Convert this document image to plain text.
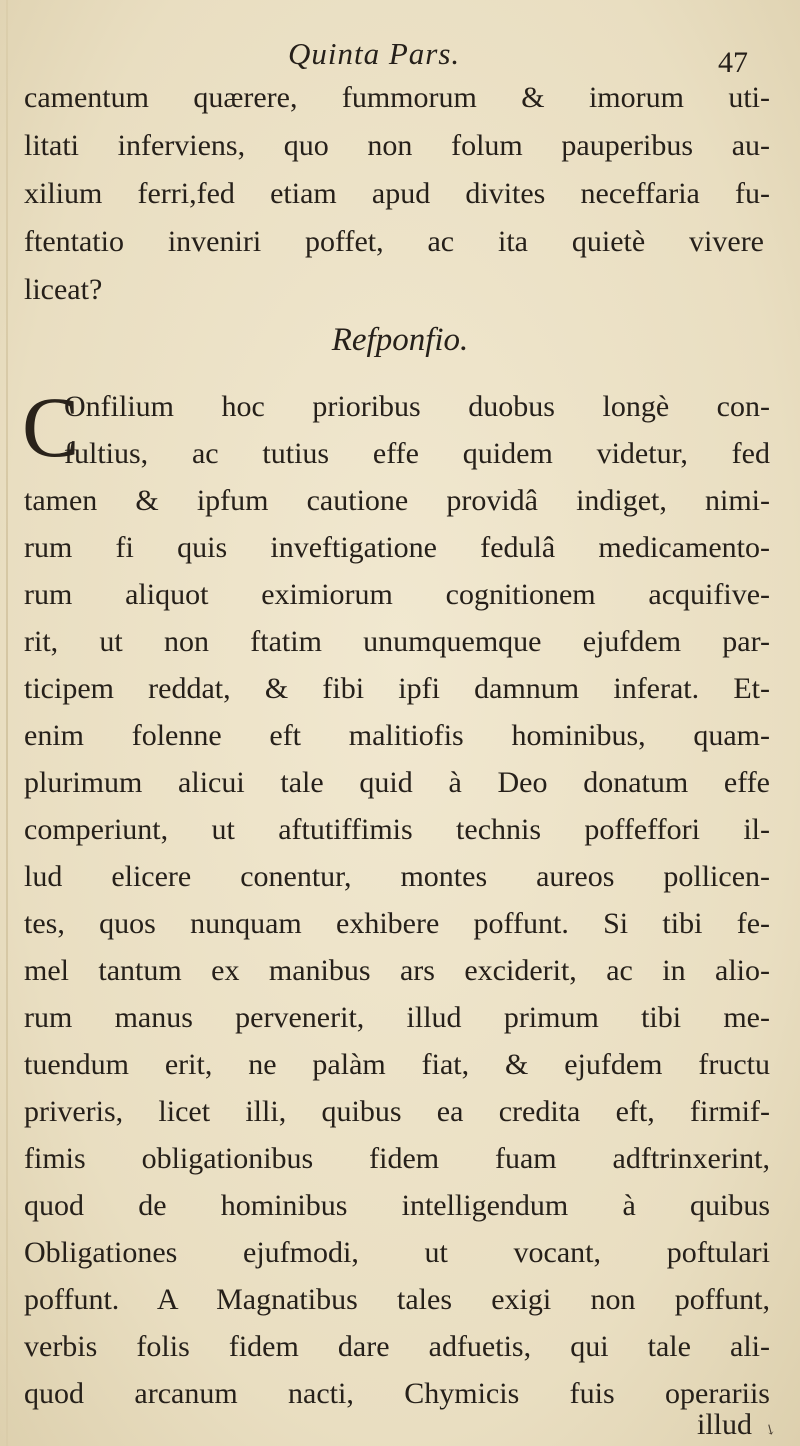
Quinta Pars.	47
camentum quærere, fummorum & imorum uti-
litati inferviens, quo non folum pauperibus au-
xilium ferri,fed etiam apud divites neceffaria fu-
ftentatio inveniri poffet, ac ita quietè vivere
liceat?
Refponfio.
C
Onfilium hoc prioribus duobus longè con-
fultius, ac tutius effe quidem videtur, fed
tamen & ipfum cautione providâ indiget, nimi-
rum fi quis inveftigatione fedulâ medicamento-
rum aliquot eximiorum cognitionem acquifive-
rit, ut non ftatim unumquemque ejufdem par-
ticipem reddat, & fibi ipfi damnum inferat. Et-
enim folenne eft malitiofis hominibus, quam-
plurimum alicui tale quid à Deo donatum effe
comperiunt, ut aftutiffimis technis poffeffori il-
lud elicere conentur, montes aureos pollicen-
tes, quos nunquam exhibere poffunt. Si tibi fe-
mel tantum ex manibus ars exciderit, ac in alio-
rum manus pervenerit, illud primum tibi me-
tuendum erit, ne palàm fiat, & ejufdem fructu
priveris, licet illi, quibus ea credita eft, firmif-
fimis obligationibus fidem fuam adftrinxerint,
quod de hominibus intelligendum à quibus
Obligationes ejufmodi, ut vocant, poftulari
poffunt. A Magnatibus tales exigi non poffunt,
verbis folis fidem dare adfuetis, qui tale ali-
quod arcanum nacti, Chymicis fuis operariis
illud ↘
